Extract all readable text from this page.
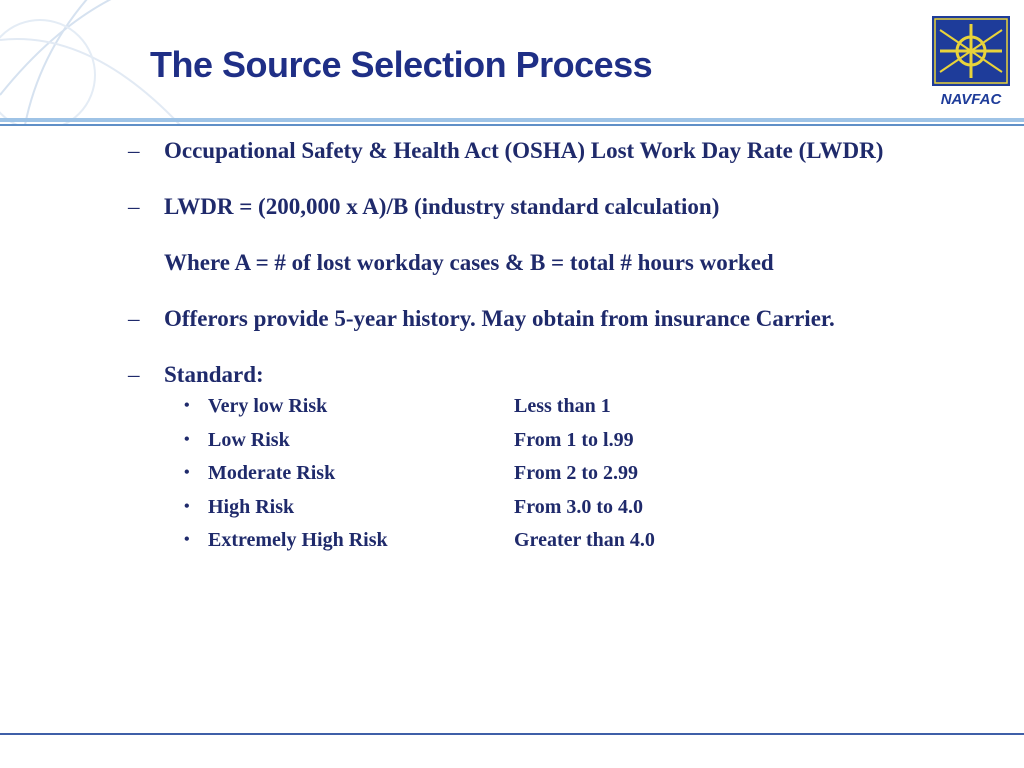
The Source Selection Process
NAVFAC
–	Occupational Safety & Health Act (OSHA) Lost Work Day Rate (LWDR)
–	LWDR = (200,000 x A)/B (industry standard calculation)
Where A = # of lost workday cases & B = total # hours worked
–	Offerors provide 5-year history. May obtain from insurance Carrier.
–	Standard:
• Very low Risk	Less than 1
• Low Risk	From 1 to l.99
• Moderate Risk	From 2 to 2.99
• High Risk	From 3.0 to 4.0
• Extremely High Risk	Greater than 4.0
